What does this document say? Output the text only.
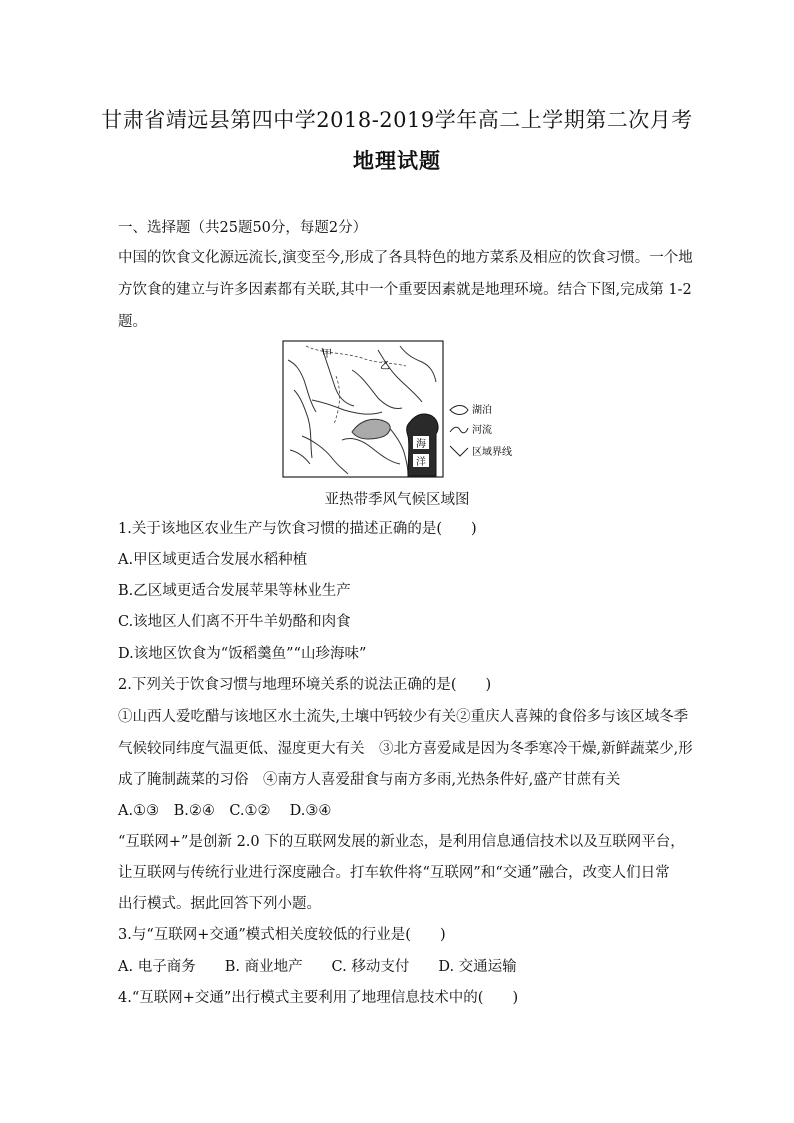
甘肃省靖远县第四中学2018-2019学年高二上学期第二次月考
地理试题
一、选择题（共25题50分，每题2分）
中国的饮食文化源远流长,演变至今,形成了各具特色的地方菜系及相应的饮食习惯。一个地
方饮食的建立与许多因素都有关联,其中一个重要因素就是地理环境。结合下图,完成第 1-2
题。
海
洋
甲
乙
湖泊
河流
区域界线
亚热带季风气候区域图
1.关于该地区农业生产与饮食习惯的描述正确的是(　　)
A.甲区域更适合发展水稻种植
B.乙区域更适合发展苹果等林业生产
C.该地区人们离不开牛羊奶酪和肉食
D.该地区饮食为“饭稻羹鱼”“山珍海味”
2.下列关于饮食习惯与地理环境关系的说法正确的是(　　)
①山西人爱吃醋与该地区水土流失,土壤中钙较少有关②重庆人喜辣的食俗多与该区域冬季
气候较同纬度气温更低、湿度更大有关　③北方喜爱咸是因为冬季寒冷干燥,新鲜蔬菜少,形
成了腌制蔬菜的习俗　④南方人喜爱甜食与南方多雨,光热条件好,盛产甘蔗有关
A.①③　B.②④　C.①②　 D.③④
“互联网+”是创新 2.0 下的互联网发展的新业态，是利用信息通信技术以及互联网平台，
让互联网与传统行业进行深度融合。打车软件将“互联网”和“交通”融合，改变人们日常
出行模式。据此回答下列小题。
3.与“互联网+交通”模式相关度较低的行业是(　　)
A. 电子商务　　B. 商业地产　　C. 移动支付　　D. 交通运输
4.“互联网+交通”出行模式主要利用了地理信息技术中的(　　)
